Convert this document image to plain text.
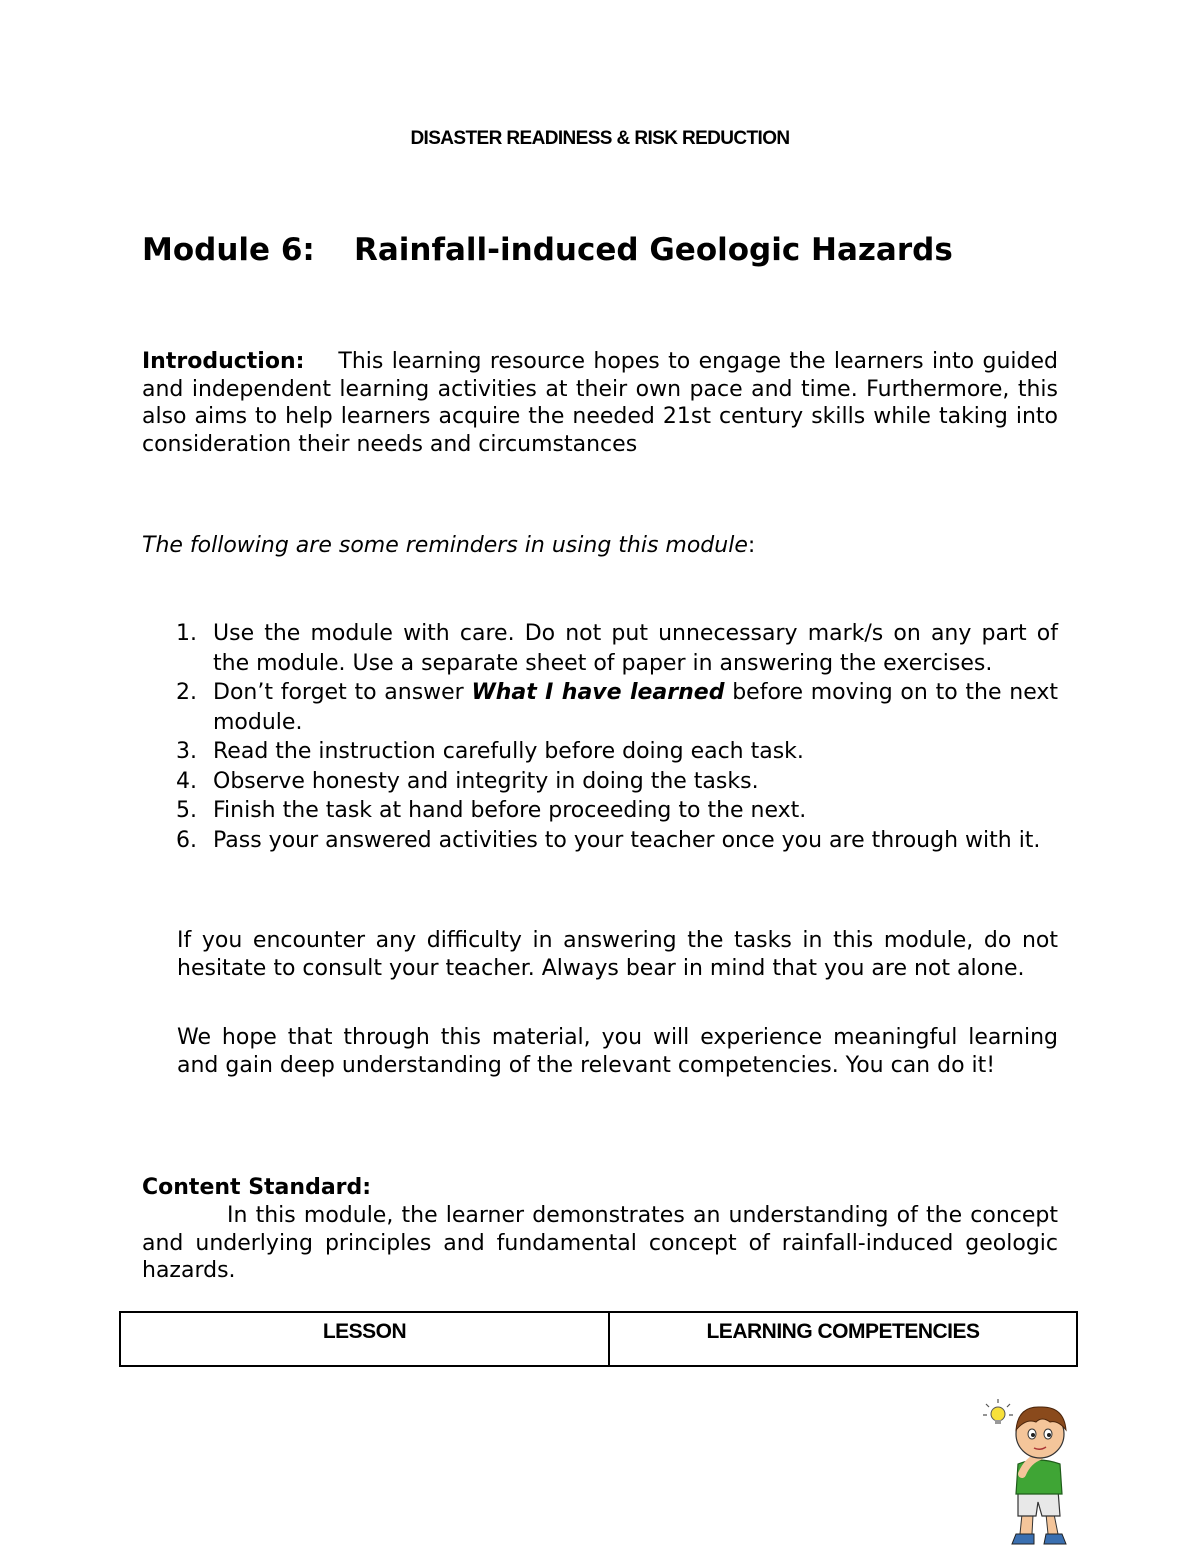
DISASTER READINESS & RISK REDUCTION
Module 6: Rainfall-induced Geologic Hazards

Introduction: This learning resource hopes to engage the learners into guided and independent learning activities at their own pace and time. Furthermore, this also aims to help learners acquire the needed 21st century skills while taking into consideration their needs and circumstances

The following are some reminders in using this module:

1. Use the module with care. Do not put unnecessary mark/s on any part of the module. Use a separate sheet of paper in answering the exercises.
2. Don’t forget to answer What I have learned before moving on to the next module.
3. Read the instruction carefully before doing each task.
4. Observe honesty and integrity in doing the tasks.
5. Finish the task at hand before proceeding to the next.
6. Pass your answered activities to your teacher once you are through with it.

If you encounter any difficulty in answering the tasks in this module, do not hesitate to consult your teacher. Always bear in mind that you are not alone.

We hope that through this material, you will experience meaningful learning and gain deep understanding of the relevant competencies. You can do it!

Content Standard:

In this module, the learner demonstrates an understanding of the concept and underlying principles and fundamental concept of rainfall-induced geologic hazards.

LESSON	LEARNING COMPETENCIES
